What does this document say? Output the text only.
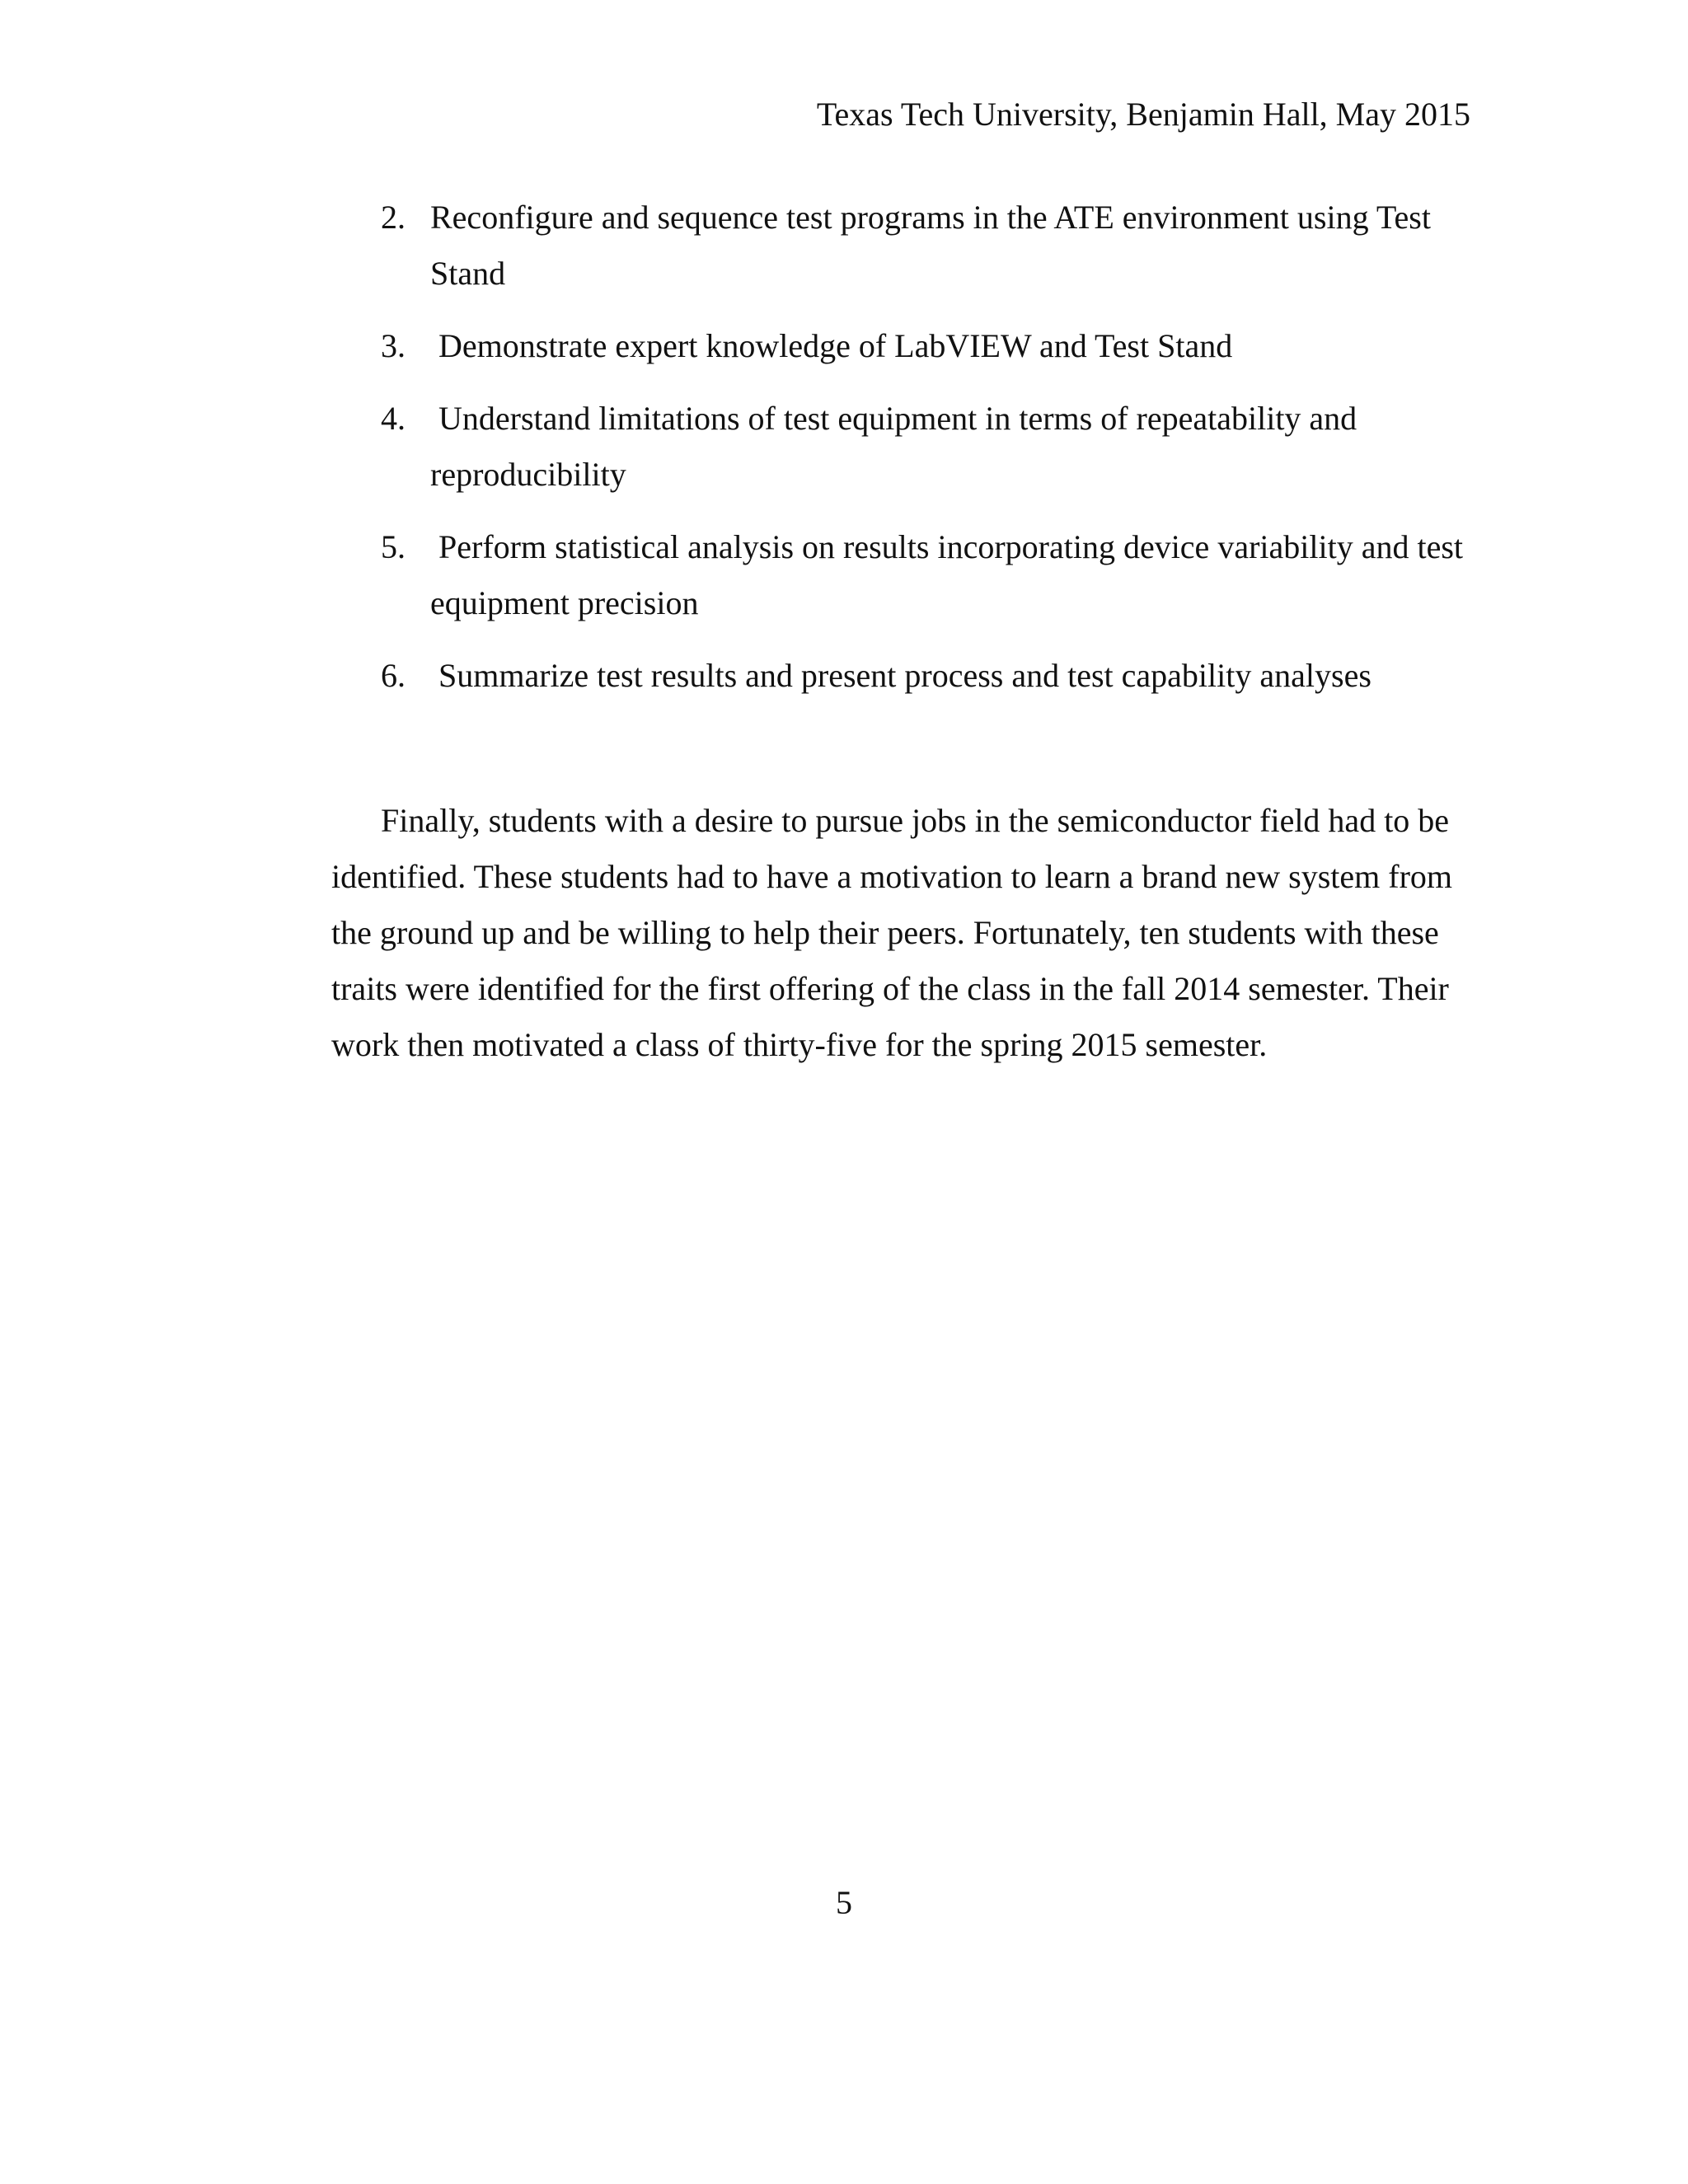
Texas Tech University, Benjamin Hall, May 2015
2. Reconfigure and sequence test programs in the ATE environment using Test Stand
3. Demonstrate expert knowledge of LabVIEW and Test Stand
4. Understand limitations of test equipment in terms of repeatability and reproducibility
5. Perform statistical analysis on results incorporating device variability and test equipment precision
6. Summarize test results and present process and test capability analyses

Finally, students with a desire to pursue jobs in the semiconductor field had to be identified. These students had to have a motivation to learn a brand new system from the ground up and be willing to help their peers. Fortunately, ten students with these traits were identified for the first offering of the class in the fall 2014 semester. Their work then motivated a class of thirty-five for the spring 2015 semester.

5
